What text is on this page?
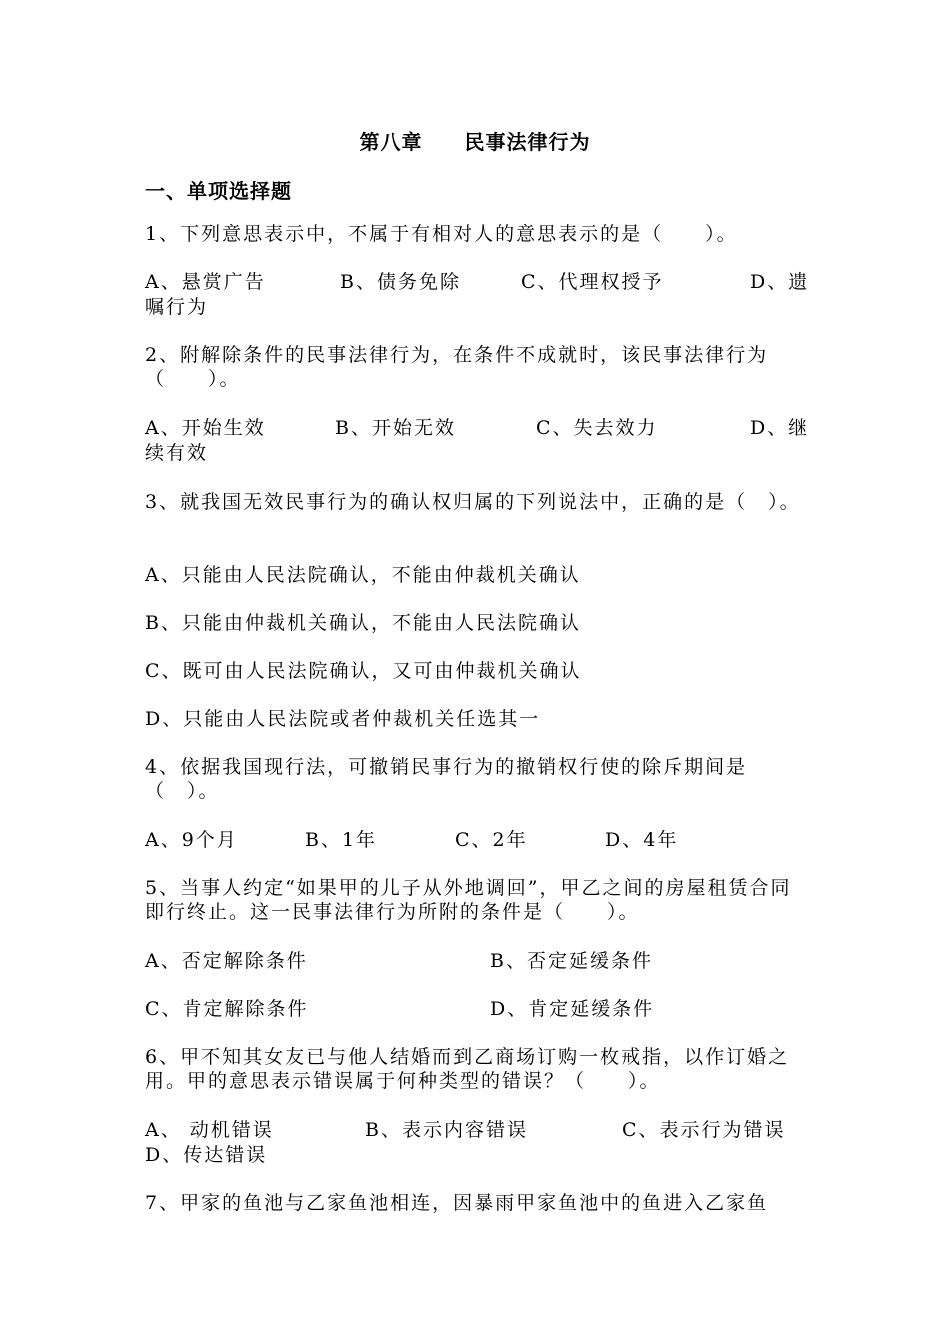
第八章　　民事法律行为
一、单项选择题
1、下列意思表示中，不属于有相对人的意思表示的是（　　）。
A、悬赏广告	B、债务免除	C、代理权授予	D、遗
嘱行为
2、附解除条件的民事法律行为，在条件不成就时，该民事法律行为（　　）。
A、开始生效	B、开始无效	C、失去效力	D、继
续有效
3、就我国无效民事行为的确认权归属的下列说法中，正确的是（　）。
A、只能由人民法院确认，不能由仲裁机关确认
B、只能由仲裁机关确认，不能由人民法院确认
C、既可由人民法院确认，又可由仲裁机关确认
D、只能由人民法院或者仲裁机关任选其一
4、依据我国现行法，可撤销民事行为的撤销权行使的除斥期间是（　）。
A、9个月	B、1年	C、2年	D、4年
5、当事人约定“如果甲的儿子从外地调回”，甲乙之间的房屋租赁合同即行终止。这一民事法律行为所附的条件是（　　）。
A、否定解除条件	B、否定延缓条件
C、肯定解除条件	D、肯定延缓条件
6、甲不知其女友已与他人结婚而到乙商场订购一枚戒指，以作订婚之用。甲的意思表示错误属于何种类型的错误？（　　）。
A、 动机错误	B、表示内容错误	C、表示行为错误
D、传达错误
7、甲家的鱼池与乙家鱼池相连，因暴雨甲家鱼池中的鱼进入乙家鱼
